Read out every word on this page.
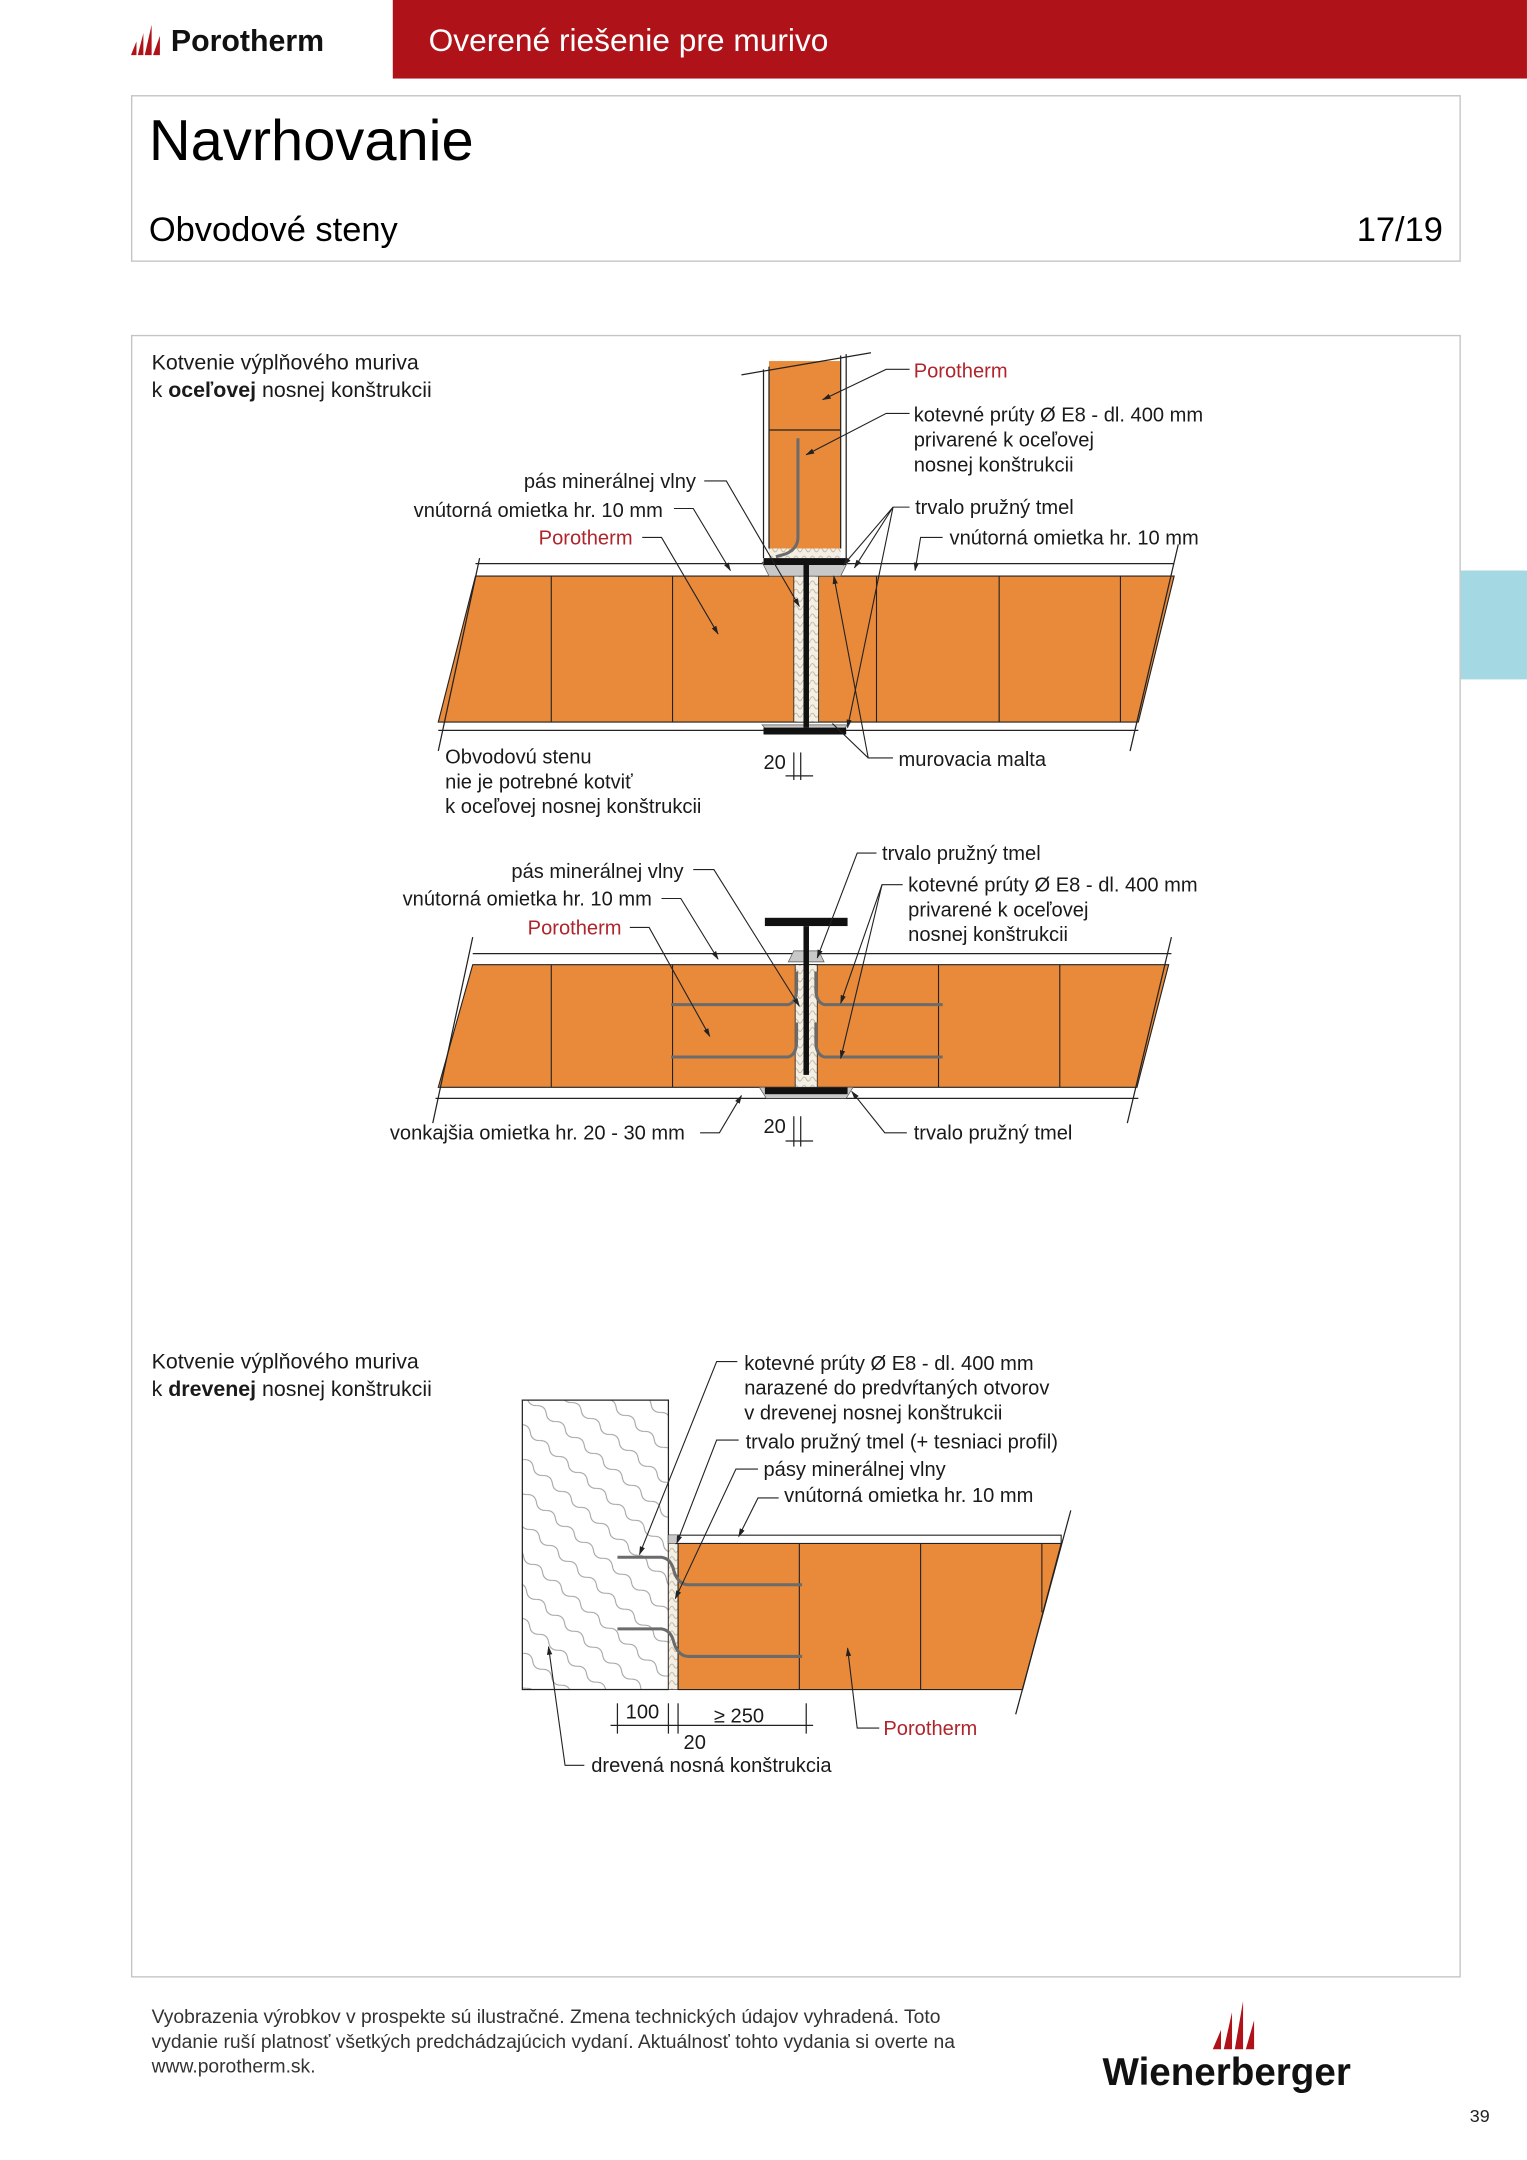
Porotherm	Overené riešenie pre murivo
Navrhovanie
Obvodové steny	17/19
Kotvenie výplňového muriva
k oceľovej nosnej konštrukcii
Porotherm
kotevné prúty Ø E8 - dl. 400 mm
privarené k oceľovej
nosnej konštrukcii
pás minerálnej vlny
vnútorná omietka hr. 10 mm
Porotherm
trvalo pružný tmel
vnútorná omietka hr. 10 mm
Obvodovú stenu
nie je potrebné kotviť
k oceľovej nosnej konštrukcii
20	murovacia malta
trvalo pružný tmel
pás minerálnej vlny
kotevné prúty Ø E8 - dl. 400 mm
privarené k oceľovej
nosnej konštrukcii
vnútorná omietka hr. 10 mm
Porotherm
vonkajšia omietka hr. 20 - 30 mm	20	trvalo pružný tmel
Kotvenie výplňového muriva
k drevenej nosnej konštrukcii
kotevné prúty Ø E8 - dl. 400 mm
narazené do predvŕtaných otvorov
v drevenej nosnej konštrukcii
trvalo pružný tmel (+ tesniaci profil)
pásy minerálnej vlny
vnútorná omietka hr. 10 mm
100	≥ 250
20
Porotherm
drevená nosná konštrukcia
Vyobrazenia výrobkov v prospekte sú ilustračné. Zmena technických údajov vyhradená. Toto
vydanie ruší platnosť všetkých predchádzajúcich vydaní. Aktuálnosť tohto vydania si overte na
www.porotherm.sk.	Wienerberger
39
